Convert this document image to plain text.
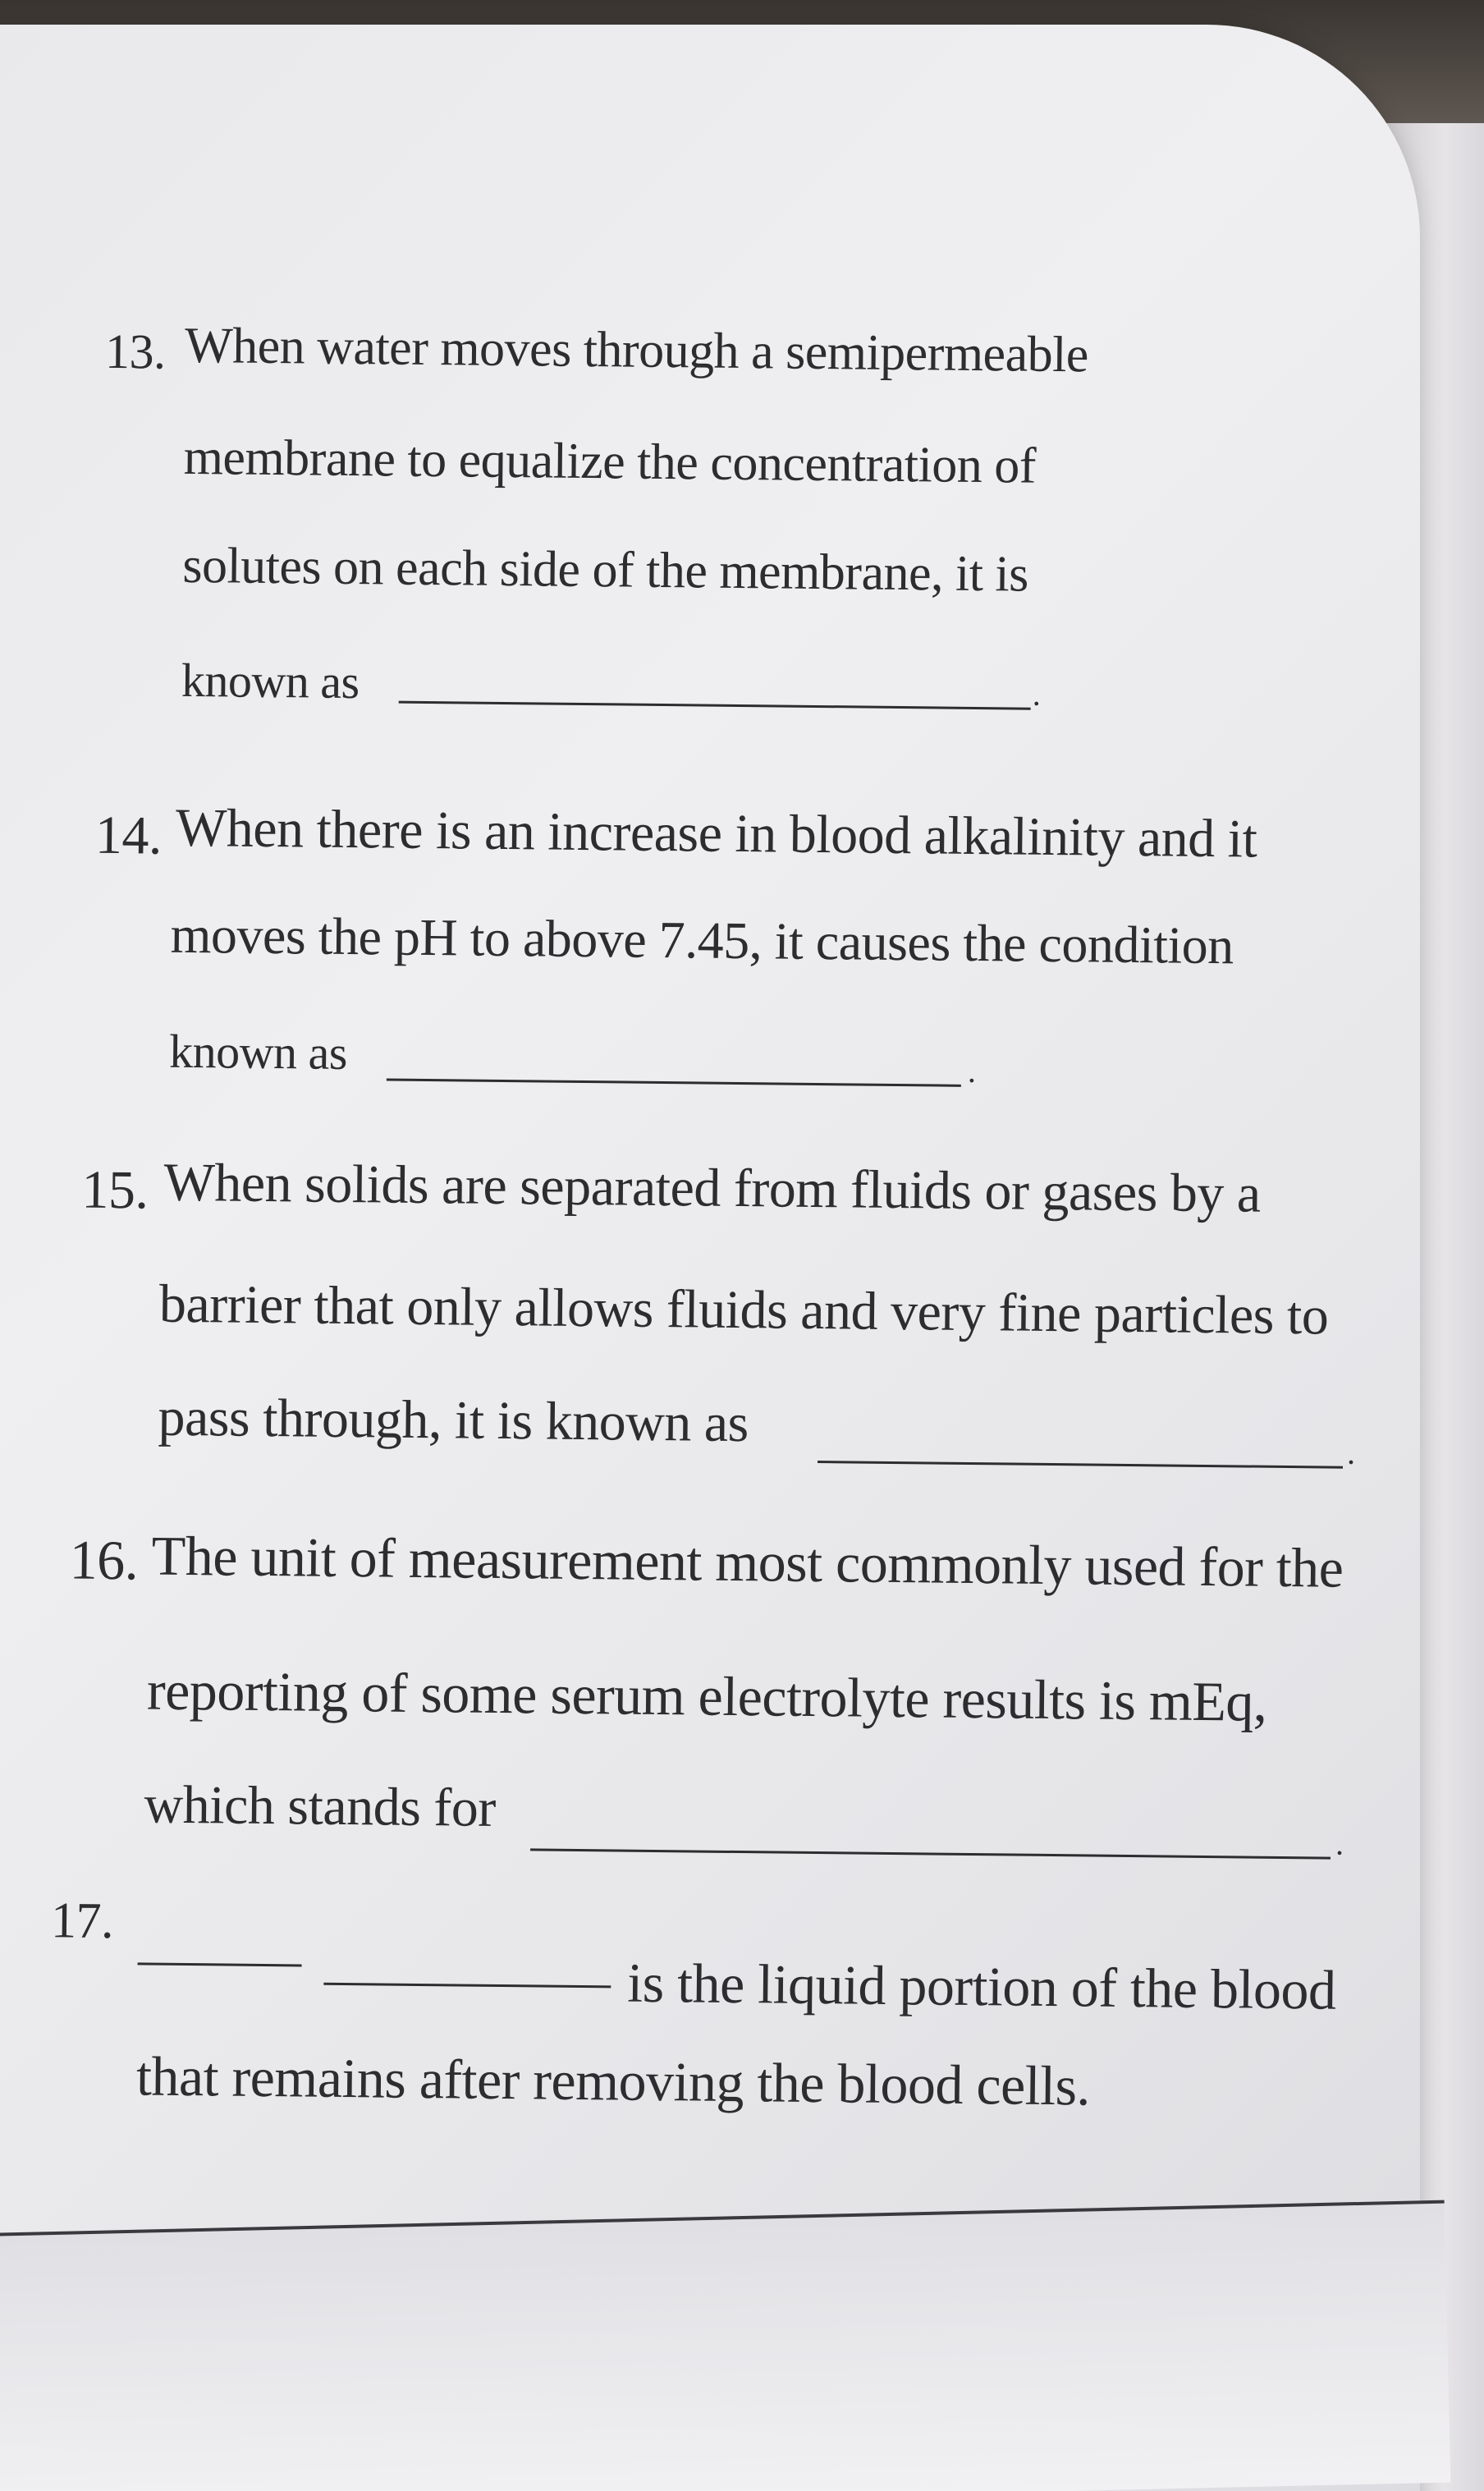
13. When water moves through a semipermeable
membrane to equalize the concentration of
solutes on each side of the membrane, it is
known as	.
14. When there is an increase in blood alkalinity and it
moves the pH to above 7.45, it causes the condition
known as	.
15. When solids are separated from fluids or gases by a
barrier that only allows fluids and very fine particles to
pass through, it is known as	.
16. The unit of measurement most commonly used for the
reporting of some serum electrolyte results is mEq,
which stands for
.
17.
is the liquid portion of the blood
that remains after removing the blood cells.
